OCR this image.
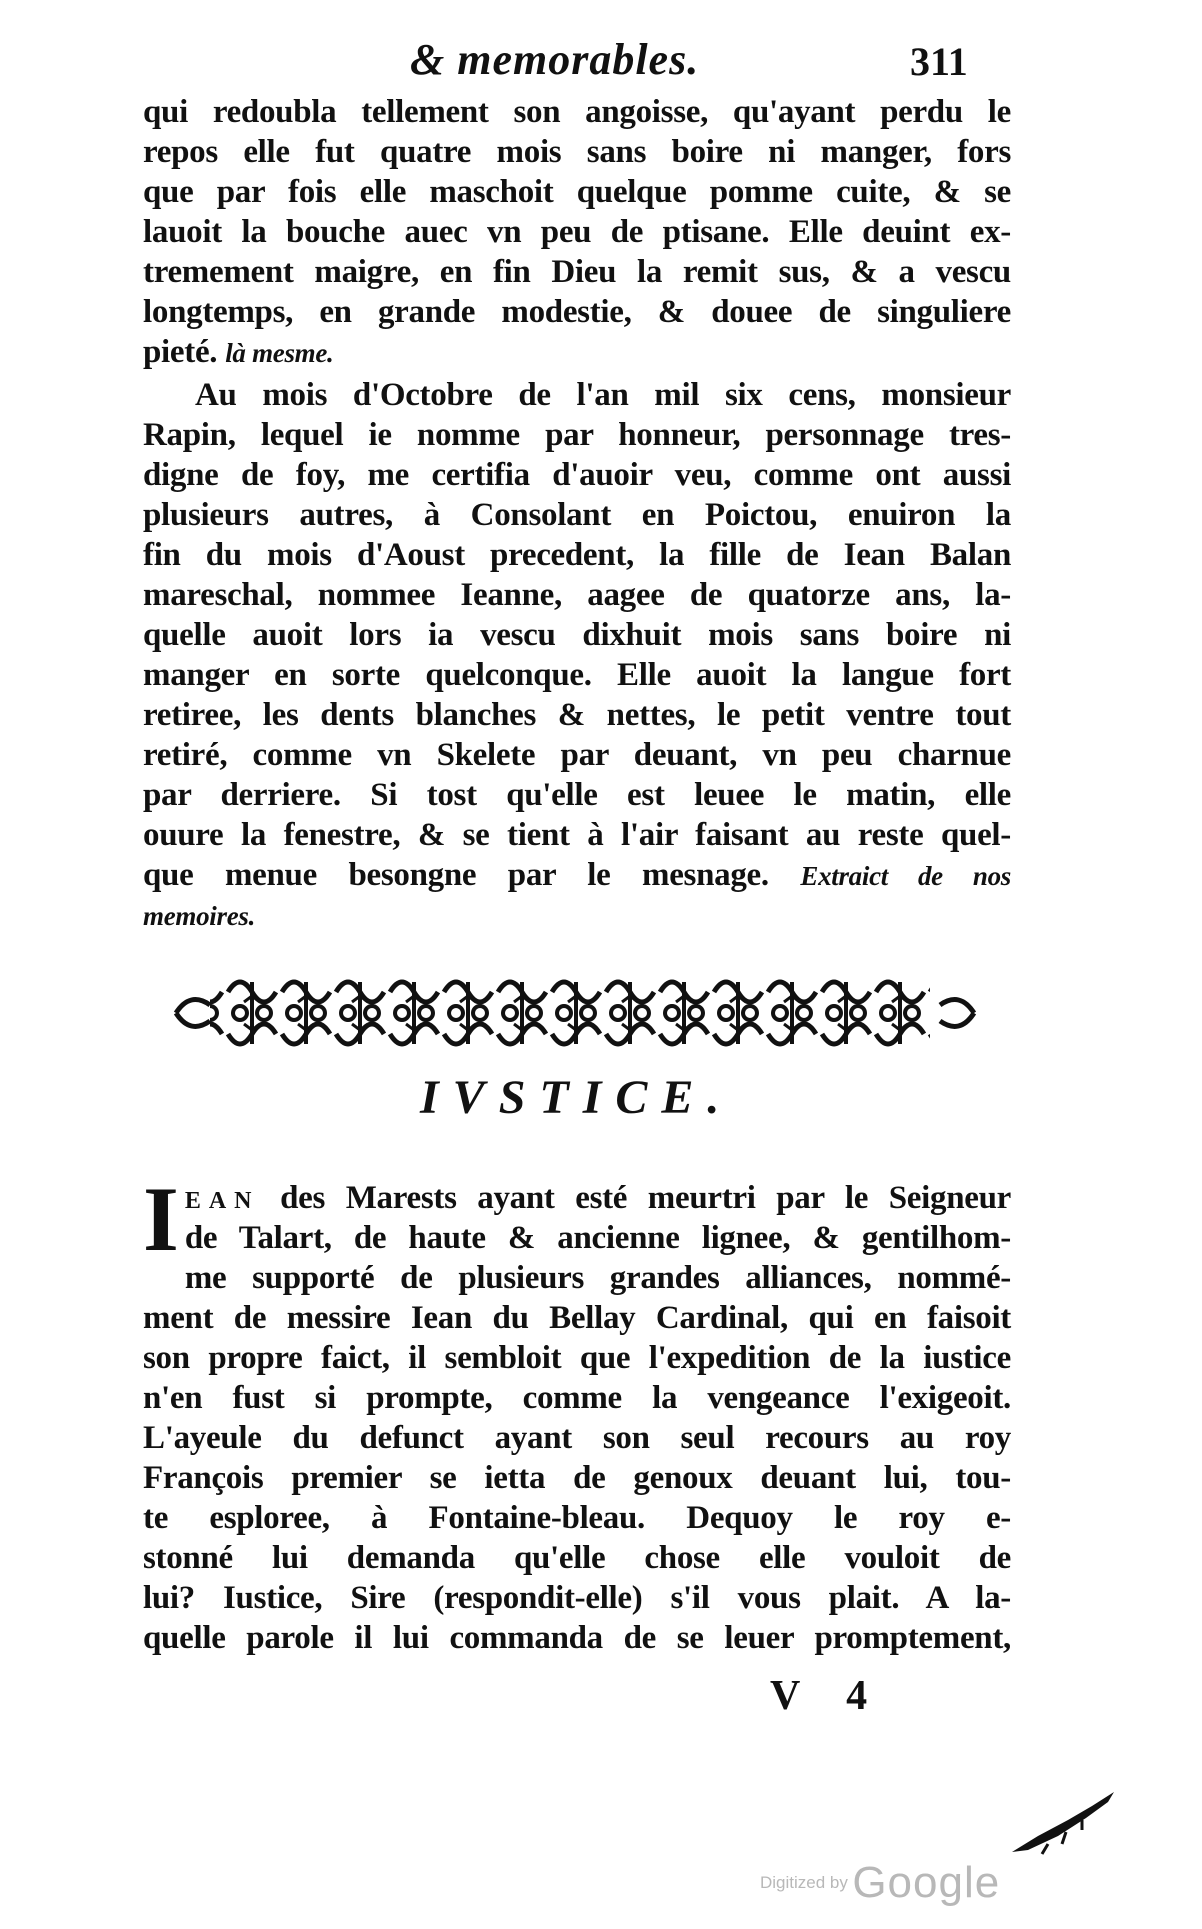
& memorables.	311
qui redoubla tellement son angoisse, qu'ayant perdu le
repos elle fut quatre mois sans boire ni manger, fors
que par fois elle maschoit quelque pomme cuite, & se
lauoit la bouche auec vn peu de ptisane. Elle deuint ex-
tremement maigre, en fin Dieu la remit sus, & a vescu
longtemps, en grande modestie, & douee de singuliere
pieté. là mesme.
Au mois d'Octobre de l'an mil six cens, monsieur
Rapin, lequel ie nomme par honneur, personnage tres-
digne de foy, me certifia d'auoir veu, comme ont aussi
plusieurs autres, à Consolant en Poictou, enuiron la
fin du mois d'Aoust precedent, la fille de Iean Balan
mareschal, nommee Ieanne, aagee de quatorze ans, la-
quelle auoit lors ia vescu dixhuit mois sans boire ni
manger en sorte quelconque. Elle auoit la langue fort
retiree, les dents blanches & nettes, le petit ventre tout
retiré, comme vn Skelete par deuant, vn peu charnue
par derriere. Si tost qu'elle est leuee le matin, elle
ouure la fenestre, & se tient à l'air faisant au reste quel-
que menue besongne par le mesnage. Extraict de nos
memoires.
IVSTICE.
I EAN des Marests ayant esté meurtri par le Seigneur
de Talart, de haute & ancienne lignee, & gentilhom-
me supporté de plusieurs grandes alliances, nommé-
ment de messire Iean du Bellay Cardinal, qui en faisoit
son propre faict, il sembloit que l'expedition de la iustice
n'en fust si prompte, comme la vengeance l'exigeoit.
L'ayeule du defunct ayant son seul recours au roy
François premier se ietta de genoux deuant lui, tou-
te esploree, à Fontaine-bleau. Dequoy le roy e-
stonné lui demanda qu'elle chose elle vouloit de
lui? Iustice, Sire (respondit-elle) s'il vous plait. A la-
quelle parole il lui commanda de se leuer promptement,
V 4
Digitized by Google
